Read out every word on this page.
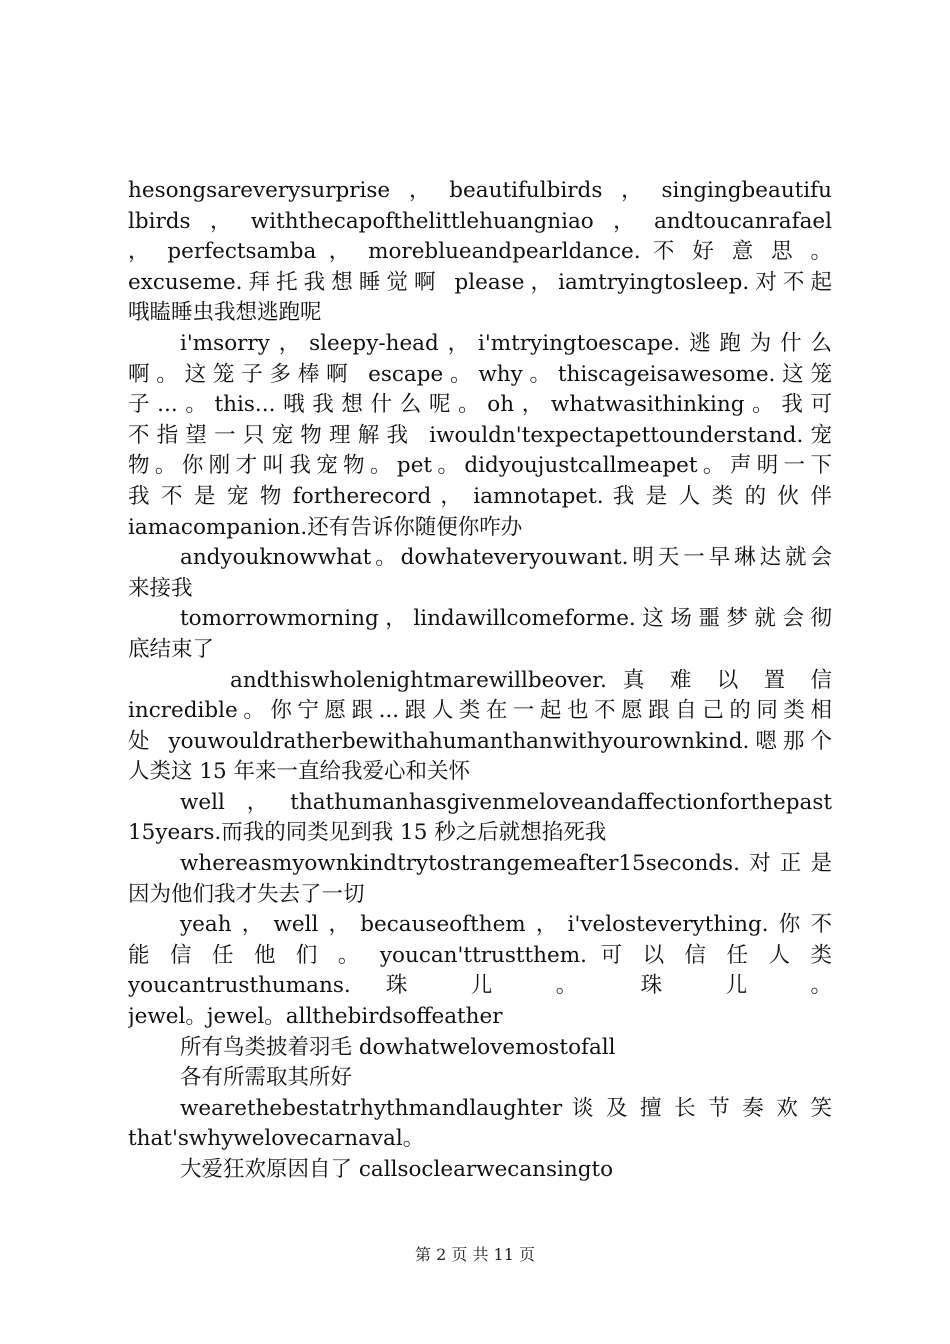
hesongsareverysurprise，beautifulbirds，singingbeautifu
lbirds，withthecapofthelittlehuangniao，andtoucanrafael
， perfectsamba ， moreblueandpearldance. 不 好 意 思 。
excuseme.拜托我想睡觉啊 please，iamtryingtosleep.对不起
哦瞌睡虫我想逃跑呢
i'msorry，sleepy-head，i'mtryingtoescape.逃跑为什么
啊。这笼子多棒啊 escape。why。thiscageisawesome.这笼
子...。this...哦我想什么呢。oh，whatwasithinking。我可
不指望一只宠物理解我 iwouldn'texpectapettounderstand.宠
物。你刚才叫我宠物。pet。didyoujustcallmeapet。声明一下
我 不 是 宠 物 fortherecord ， iamnotapet. 我 是 人 类 的 伙 伴
iamacompanion.还有告诉你随便你咋办
andyouknowwhat。dowhateveryouwant.明天一早琳达就会
来接我
tomorrowmorning，lindawillcomeforme.这场噩梦就会彻
底结束了
andthiswholenightmarewillbeover. 真 难 以 置 信
incredible。你宁愿跟...跟人类在一起也不愿跟自己的同类相
处 youwouldratherbewithahumanthanwithyourownkind.嗯那个
人类这 15 年来一直给我爱心和关怀
well，thathumanhasgivenmeloveandaffectionforthepast
15years.而我的同类见到我 15 秒之后就想掐死我
whereasmyownkindtrytostrangemeafter15seconds.对正是
因为他们我才失去了一切
yeah，well，becauseofthem，i'velosteverything.你不
能 信 任 他 们 。 youcan'ttrustthem. 可 以 信 任 人 类
youcantrusthumans. 珠 儿 。 珠 儿 。
jewel。jewel。allthebirdsoffeather
所有鸟类披着羽毛 dowhatwelovemostofall
各有所需取其所好
wearethebestatrhythmandlaughter 谈 及 擅 长 节 奏 欢 笑
that'swhywelovecarnaval。
大爱狂欢原因自了 callsoclearwecansingto
第 2 页 共 11 页
